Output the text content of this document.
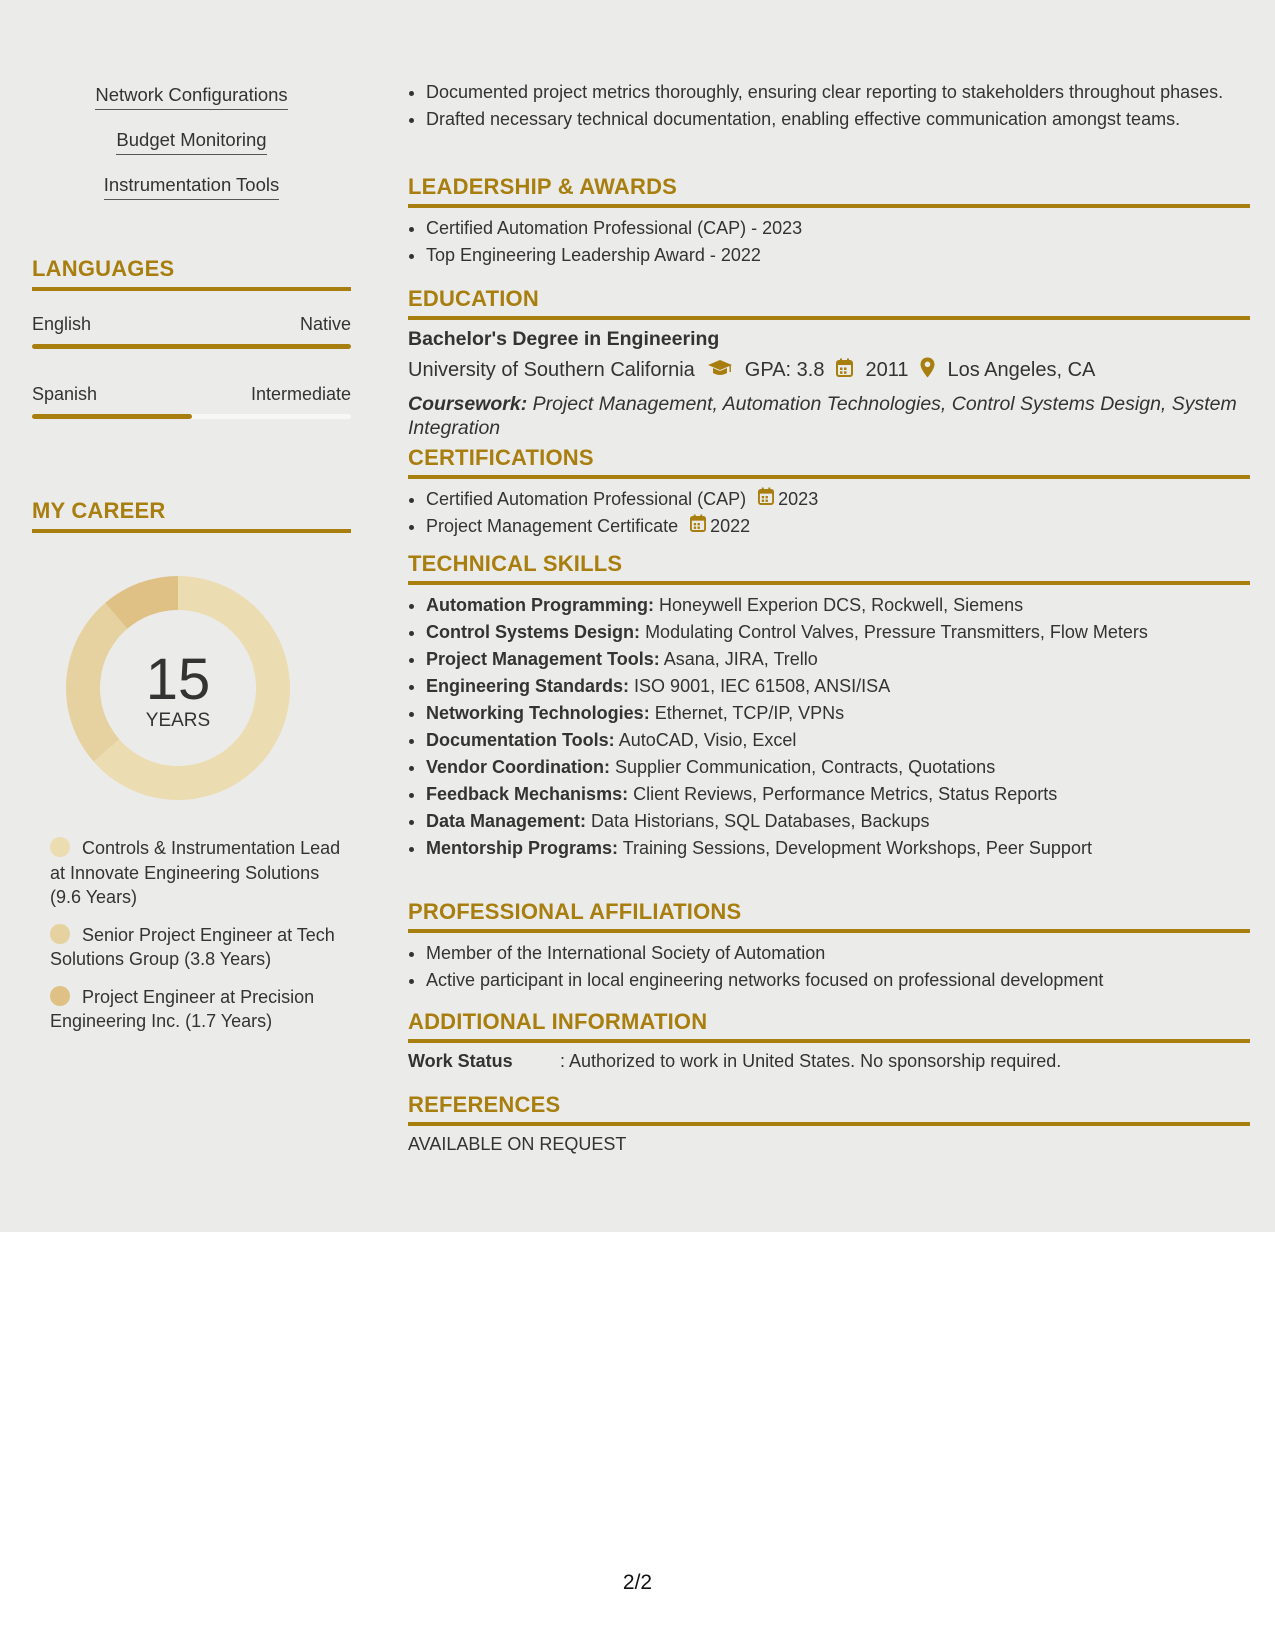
Network Configurations
Budget Monitoring
Instrumentation Tools
LANGUAGES
English	Native
Spanish	Intermediate
MY CAREER
15
YEARS
Controls & Instrumentation Lead at Innovate Engineering Solutions (9.6 Years)
Senior Project Engineer at Tech Solutions Group (3.8 Years)
Project Engineer at Precision Engineering Inc. (1.7 Years)
• Documented project metrics thoroughly, ensuring clear reporting to stakeholders throughout phases.
• Drafted necessary technical documentation, enabling effective communication amongst teams.
LEADERSHIP & AWARDS
• Certified Automation Professional (CAP) - 2023
• Top Engineering Leadership Award - 2022
EDUCATION
Bachelor's Degree in Engineering
University of Southern California	GPA: 3.8 2011 Los Angeles, CA
Coursework: Project Management, Automation Technologies, Control Systems Design, System Integration
CERTIFICATIONS
• Certified Automation Professional (CAP) 2023
• Project Management Certificate 2022
TECHNICAL SKILLS
• Automation Programming: Honeywell Experion DCS, Rockwell, Siemens
• Control Systems Design: Modulating Control Valves, Pressure Transmitters, Flow Meters
• Project Management Tools: Asana, JIRA, Trello
• Engineering Standards: ISO 9001, IEC 61508, ANSI/ISA
• Networking Technologies: Ethernet, TCP/IP, VPNs
• Documentation Tools: AutoCAD, Visio, Excel
• Vendor Coordination: Supplier Communication, Contracts, Quotations
• Feedback Mechanisms: Client Reviews, Performance Metrics, Status Reports
• Data Management: Data Historians, SQL Databases, Backups
• Mentorship Programs: Training Sessions, Development Workshops, Peer Support
PROFESSIONAL AFFILIATIONS
• Member of the International Society of Automation
• Active participant in local engineering networks focused on professional development
ADDITIONAL INFORMATION
Work Status	: Authorized to work in United States. No sponsorship required.
REFERENCES
AVAILABLE ON REQUEST
2/2
